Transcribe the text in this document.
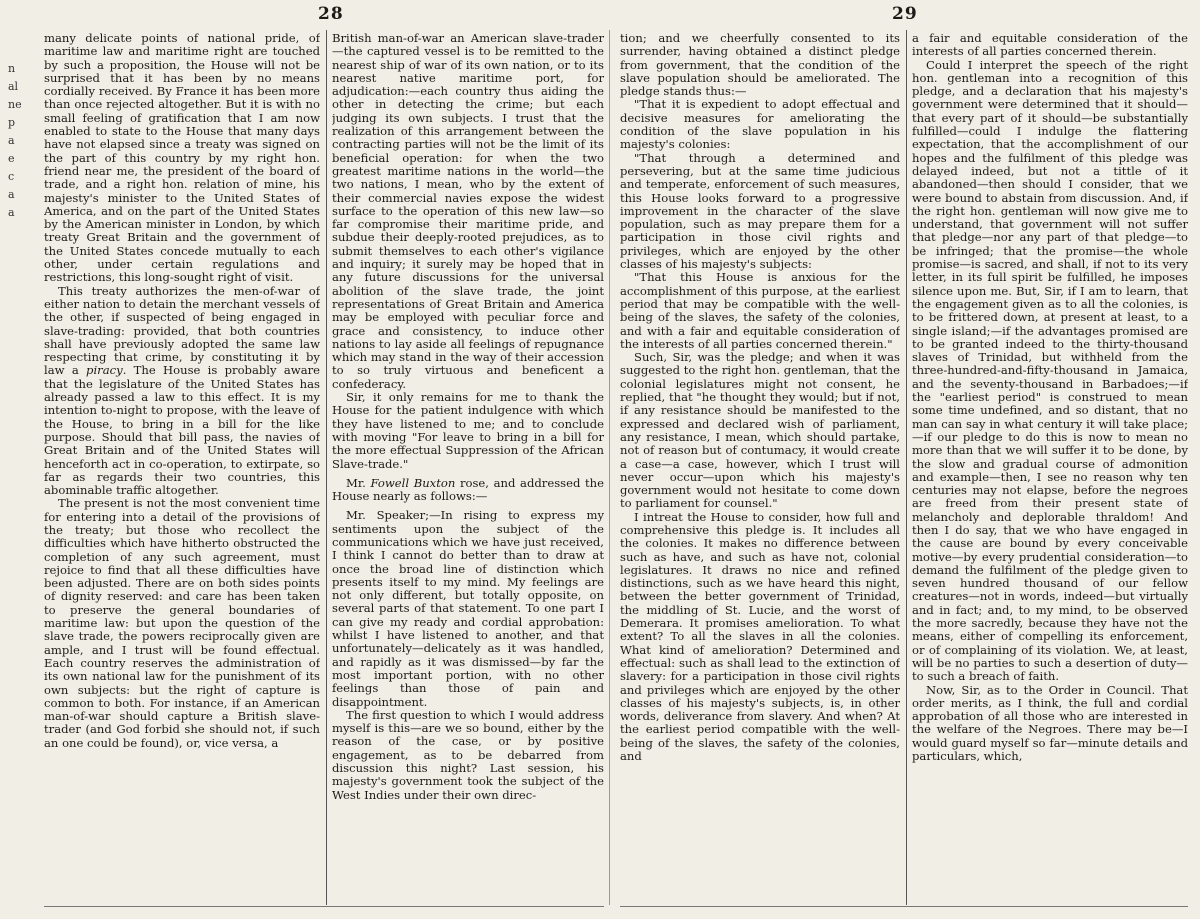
28	29
n
al
ne
p
a
e
c
a
a

many delicate points of national pride, of maritime law and maritime right are touched by such a proposition, the House will not be surprised that it has been by no means cordially received. By France it has been more than once rejected altogether. But it is with no small feeling of gratification that I am now enabled to state to the House that many days have not elapsed since a treaty was signed on the part of this country by my right hon. friend near me, the president of the board of trade, and a right hon. relation of mine, his majesty's minister to the United States of America, and on the part of the United States by the American minister in London, by which treaty Great Britain and the government of the United States concede mutually to each other, under certain regulations and restrictions, this long-sought right of visit.

This treaty authorizes the men-of-war of either nation to detain the merchant vessels of the other, if suspected of being engaged in slave-trading: provided, that both countries shall have previously adopted the same law respecting that crime, by constituting it by law a piracy. The House is probably aware that the legislature of the United States has already passed a law to this effect. It is my intention to-night to propose, with the leave of the House, to bring in a bill for the like purpose. Should that bill pass, the navies of Great Britain and of the United States will henceforth act in co-operation, to extirpate, so far as regards their two countries, this abominable traffic altogether.

The present is not the most convenient time for entering into a detail of the provisions of the treaty; but those who recollect the difficulties which have hitherto obstructed the completion of any such agreement, must rejoice to find that all these difficulties have been adjusted. There are on both sides points of dignity reserved: and care has been taken to preserve the general boundaries of maritime law: but upon the question of the slave trade, the powers reciprocally given are ample, and I trust will be found effectual. Each country reserves the administration of its own national law for the punishment of its own subjects: but the right of capture is common to both. For instance, if an American man-of-war should capture a British slave-trader (and God forbid she should not, if such an one could be found), or, vice versa, a

British man-of-war an American slave-trader—the captured vessel is to be remitted to the nearest ship of war of its own nation, or to its nearest native maritime port, for adjudication:—each country thus aiding the other in detecting the crime; but each judging its own subjects. I trust that the realization of this arrangement between the contracting parties will not be the limit of its beneficial operation: for when the two greatest maritime nations in the world—the two nations, I mean, who by the extent of their commercial navies expose the widest surface to the operation of this new law—so far compromise their maritime pride, and subdue their deeply-rooted prejudices, as to submit themselves to each other's vigilance and inquiry; it surely may be hoped that in any future discussions for the universal abolition of the slave trade, the joint representations of Great Britain and America may be employed with peculiar force and grace and consistency, to induce other nations to lay aside all feelings of repugnance which may stand in the way of their accession to so truly virtuous and beneficent a confederacy.

Sir, it only remains for me to thank the House for the patient indulgence with which they have listened to me; and to conclude with moving "For leave to bring in a bill for the more effectual Suppression of the African Slave-trade."

Mr. Fowell Buxton rose, and addressed the House nearly as follows:—

Mr. Speaker;—In rising to express my sentiments upon the subject of the communications which we have just received, I think I cannot do better than to draw at once the broad line of distinction which presents itself to my mind. My feelings are not only different, but totally opposite, on several parts of that statement. To one part I can give my ready and cordial approbation: whilst I have listened to another, and that unfortunately—delicately as it was handled, and rapidly as it was dismissed—by far the most important portion, with no other feelings than those of pain and disappointment.

The first question to which I would address myself is this—are we so bound, either by the reason of the case, or by positive engagement, as to be debarred from discussion this night? Last session, his majesty's government took the subject of the West Indies under their own direc-

tion; and we cheerfully consented to its surrender, having obtained a distinct pledge from government, that the condition of the slave population should be ameliorated. The pledge stands thus:—

"That it is expedient to adopt effectual and decisive measures for ameliorating the condition of the slave population in his majesty's colonies:

"That through a determined and persevering, but at the same time judicious and temperate, enforcement of such measures, this House looks forward to a progressive improvement in the character of the slave population, such as may prepare them for a participation in those civil rights and privileges, which are enjoyed by the other classes of his majesty's subjects:

"That this House is anxious for the accomplishment of this purpose, at the earliest period that may be compatible with the well-being of the slaves, the safety of the colonies, and with a fair and equitable consideration of the interests of all parties concerned therein."

Such, Sir, was the pledge; and when it was suggested to the right hon. gentleman, that the colonial legislatures might not consent, he replied, that "he thought they would; but if not, if any resistance should be manifested to the expressed and declared wish of parliament, any resistance, I mean, which should partake, not of reason but of contumacy, it would create a case—a case, however, which I trust will never occur—upon which his majesty's government would not hesitate to come down to parliament for counsel."

I intreat the House to consider, how full and comprehensive this pledge is. It includes all the colonies. It makes no difference between such as have, and such as have not, colonial legislatures. It draws no nice and refined distinctions, such as we have heard this night, between the better government of Trinidad, the middling of St. Lucie, and the worst of Demerara. It promises amelioration. To what extent? To all the slaves in all the colonies. What kind of amelioration? Determined and effectual: such as shall lead to the extinction of slavery: for a participation in those civil rights and privileges which are enjoyed by the other classes of his majesty's subjects, is, in other words, deliverance from slavery. And when? At the earliest period compatible with the well-being of the slaves, the safety of the colonies, and

a fair and equitable consideration of the interests of all parties concerned therein.

Could I interpret the speech of the right hon. gentleman into a recognition of this pledge, and a declaration that his majesty's government were determined that it should—that every part of it should—be substantially fulfilled—could I indulge the flattering expectation, that the accomplishment of our hopes and the fulfilment of this pledge was delayed indeed, but not a tittle of it abandoned—then should I consider, that we were bound to abstain from discussion. And, if the right hon. gentleman will now give me to understand, that government will not suffer that pledge—nor any part of that pledge—to be infringed; that the promise—the whole promise—is sacred, and shall, if not to its very letter, in its full spirit be fulfilled, he imposes silence upon me. But, Sir, if I am to learn, that the engagement given as to all the colonies, is to be frittered down, at present at least, to a single island;—if the advantages promised are to be granted indeed to the thirty-thousand slaves of Trinidad, but withheld from the three-hundred-and-fifty-thousand in Jamaica, and the seventy-thousand in Barbadoes;—if the "earliest period" is construed to mean some time undefined, and so distant, that no man can say in what century it will take place;—if our pledge to do this is now to mean no more than that we will suffer it to be done, by the slow and gradual course of admonition and example—then, I see no reason why ten centuries may not elapse, before the negroes are freed from their present state of melancholy and deplorable thraldom! And then I do say, that we who have engaged in the cause are bound by every conceivable motive—by every prudential consideration—to demand the fulfilment of the pledge given to seven hundred thousand of our fellow creatures—not in words, indeed—but virtually and in fact; and, to my mind, to be observed the more sacredly, because they have not the means, either of compelling its enforcement, or of complaining of its violation. We, at least, will be no parties to such a desertion of duty—to such a breach of faith.

Now, Sir, as to the Order in Council. That order merits, as I think, the full and cordial approbation of all those who are interested in the welfare of the Negroes. There may be—I would guard myself so far—minute details and particulars, which,
